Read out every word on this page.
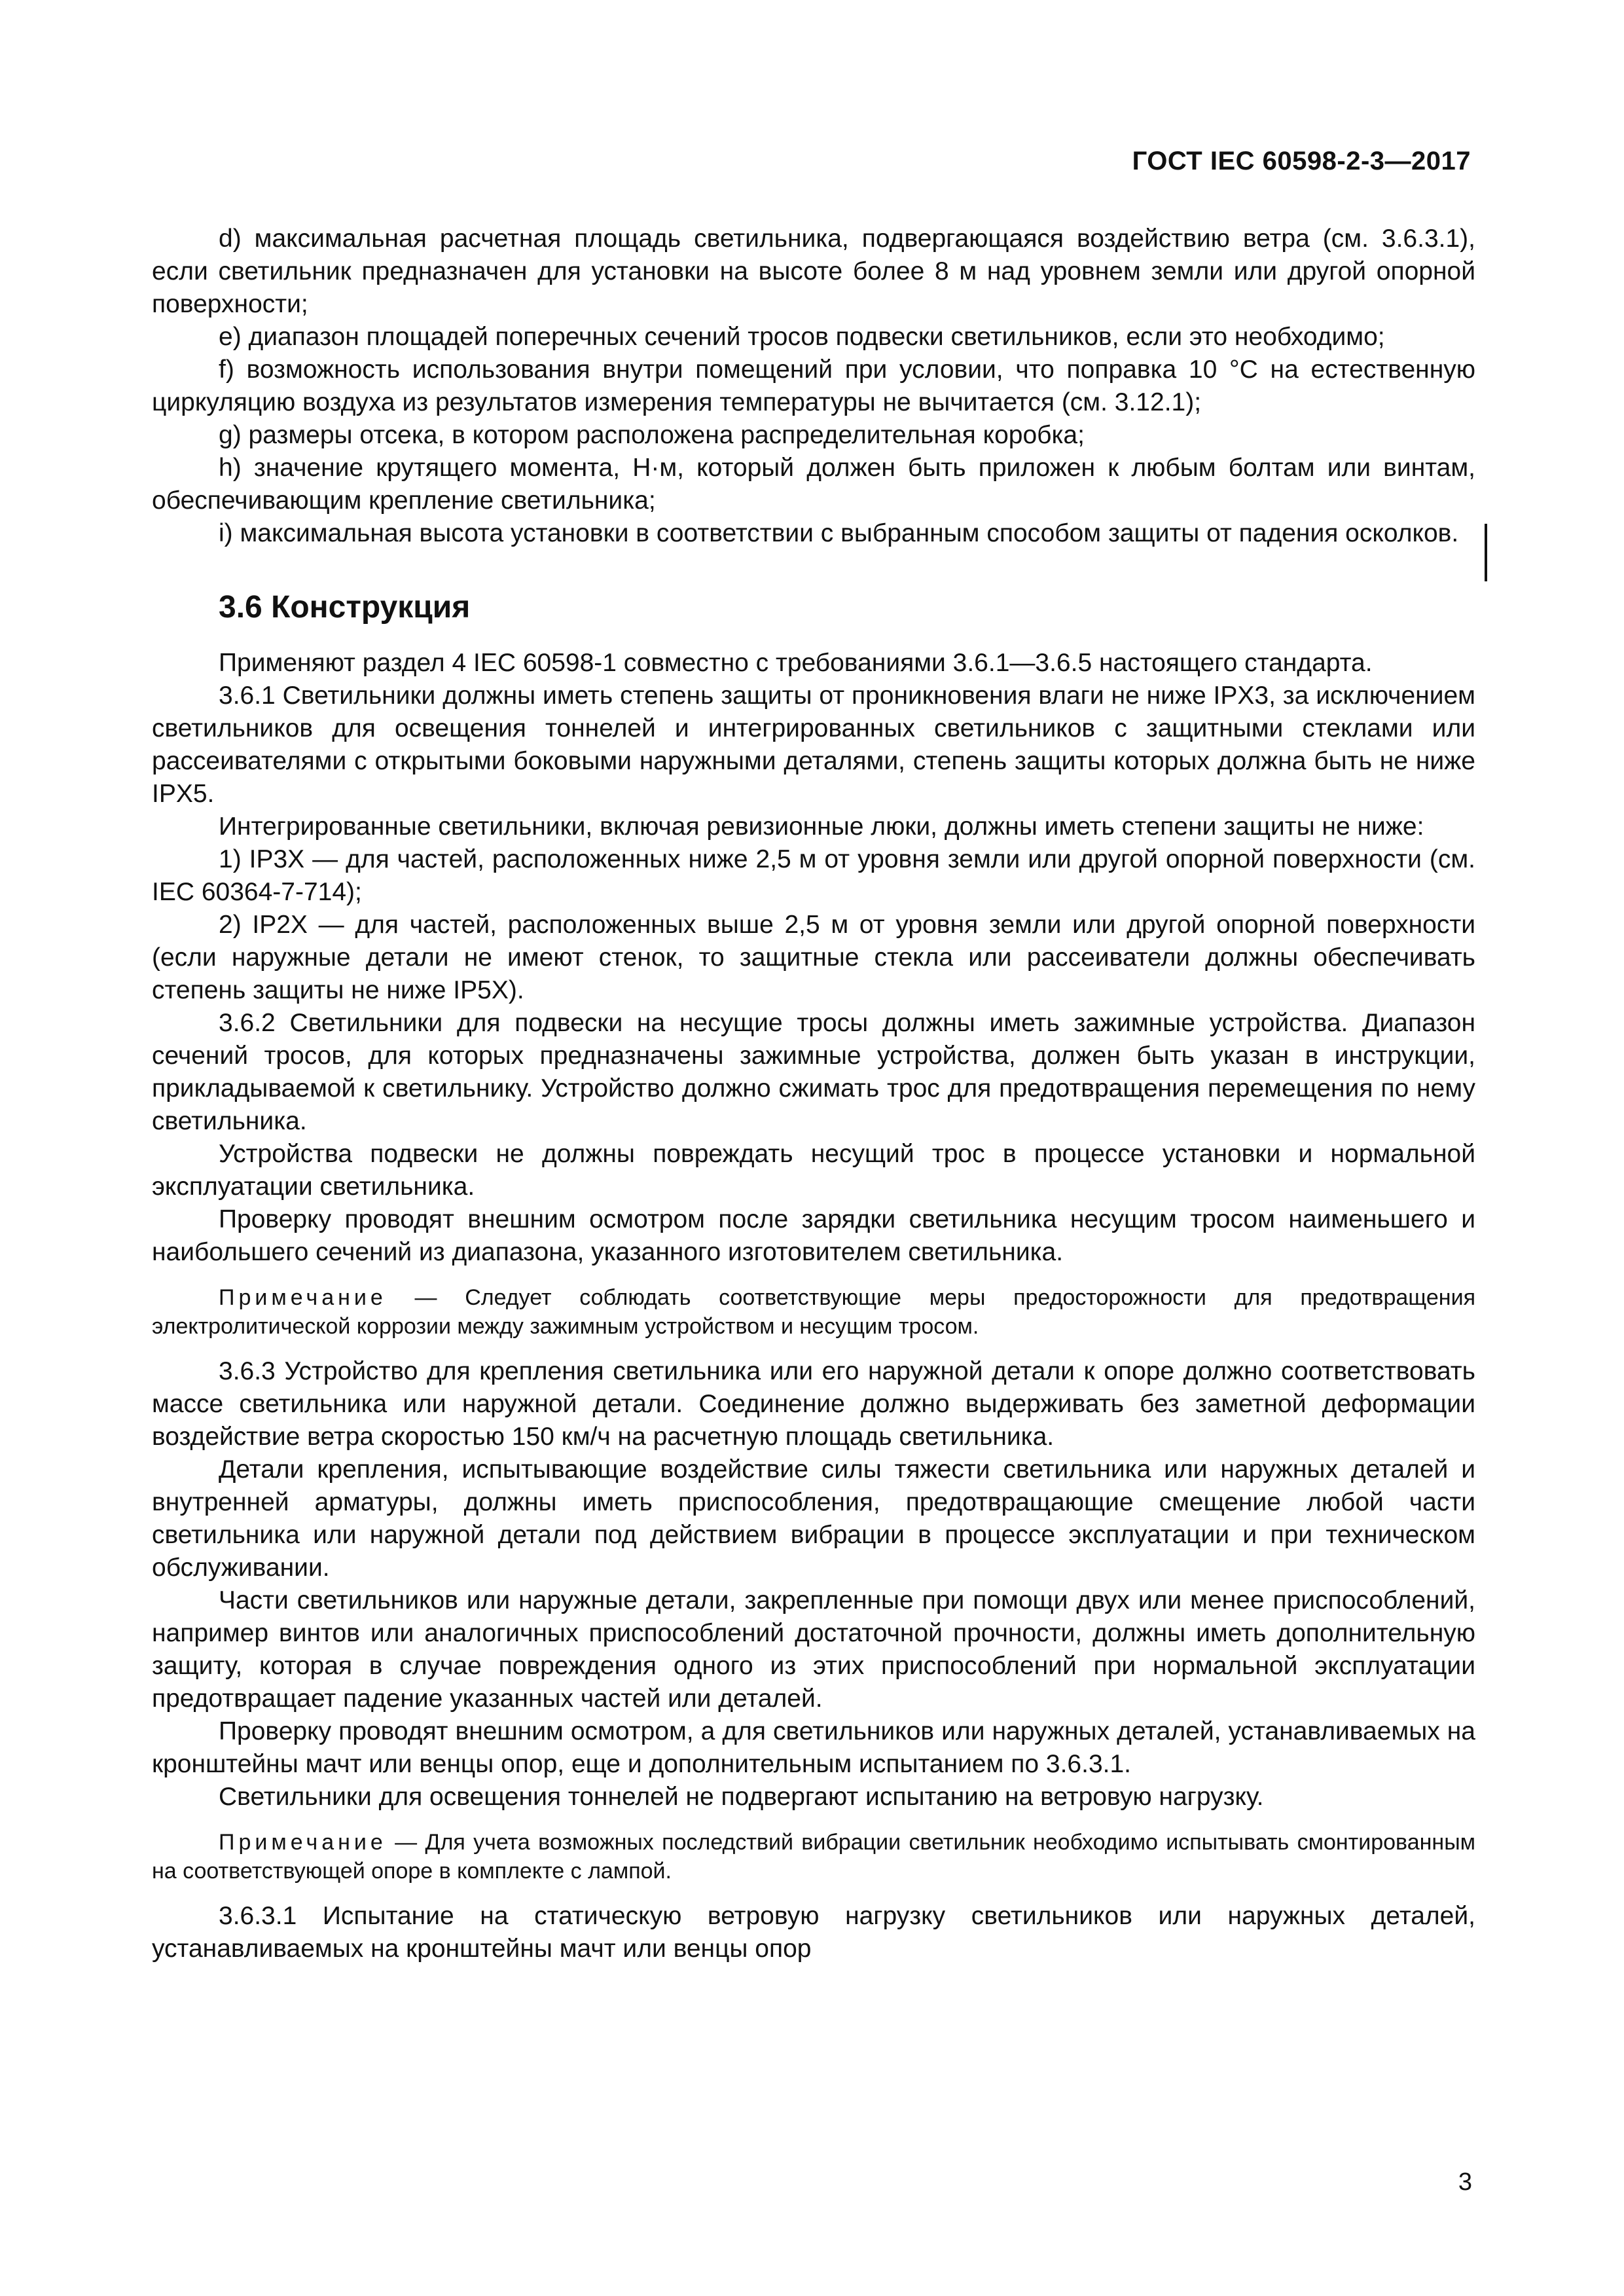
ГОСТ IEC 60598-2-3—2017

d) максимальная расчетная площадь светильника, подвергающаяся воздействию ветра (см. 3.6.3.1), если светильник предназначен для установки на высоте более 8 м над уровнем земли или другой опорной поверхности;

e) диапазон площадей поперечных сечений тросов подвески светильников, если это необходимо;

f) возможность использования внутри помещений при условии, что поправка 10 °С на естественную циркуляцию воздуха из результатов измерения температуры не вычитается (см. 3.12.1);

g) размеры отсека, в котором расположена распределительная коробка;

h) значение крутящего момента, Н·м, который должен быть приложен к любым болтам или винтам, обеспечивающим крепление светильника;

i) максимальная высота установки в соответствии с выбранным способом защиты от падения осколков.

3.6 Конструкция

Применяют раздел 4 IEC 60598-1 совместно с требованиями 3.6.1—3.6.5 настоящего стандарта.

3.6.1 Светильники должны иметь степень защиты от проникновения влаги не ниже IPX3, за исключением светильников для освещения тоннелей и интегрированных светильников с защитными стеклами или рассеивателями с открытыми боковыми наружными деталями, степень защиты которых должна быть не ниже IPX5.

Интегрированные светильники, включая ревизионные люки, должны иметь степени защиты не ниже:

1) IP3X — для частей, расположенных ниже 2,5 м от уровня земли или другой опорной поверхности (см. IEC 60364-7-714);

2) IP2X — для частей, расположенных выше 2,5 м от уровня земли или другой опорной поверхности (если наружные детали не имеют стенок, то защитные стекла или рассеиватели должны обеспечивать степень защиты не ниже IP5X).

3.6.2 Светильники для подвески на несущие тросы должны иметь зажимные устройства. Диапазон сечений тросов, для которых предназначены зажимные устройства, должен быть указан в инструкции, прикладываемой к светильнику. Устройство должно сжимать трос для предотвращения перемещения по нему светильника.

Устройства подвески не должны повреждать несущий трос в процессе установки и нормальной эксплуатации светильника.

Проверку проводят внешним осмотром после зарядки светильника несущим тросом наименьшего и наибольшего сечений из диапазона, указанного изготовителем светильника.

Примечание — Следует соблюдать соответствующие меры предосторожности для предотвращения электролитической коррозии между зажимным устройством и несущим тросом.

3.6.3 Устройство для крепления светильника или его наружной детали к опоре должно соответствовать массе светильника или наружной детали. Соединение должно выдерживать без заметной деформации воздействие ветра скоростью 150 км/ч на расчетную площадь светильника.

Детали крепления, испытывающие воздействие силы тяжести светильника или наружных деталей и внутренней арматуры, должны иметь приспособления, предотвращающие смещение любой части светильника или наружной детали под действием вибрации в процессе эксплуатации и при техническом обслуживании.

Части светильников или наружные детали, закрепленные при помощи двух или менее приспособлений, например винтов или аналогичных приспособлений достаточной прочности, должны иметь дополнительную защиту, которая в случае повреждения одного из этих приспособлений при нормальной эксплуатации предотвращает падение указанных частей или деталей.

Проверку проводят внешним осмотром, а для светильников или наружных деталей, устанавливаемых на кронштейны мачт или венцы опор, еще и дополнительным испытанием по 3.6.3.1.

Светильники для освещения тоннелей не подвергают испытанию на ветровую нагрузку.

Примечание — Для учета возможных последствий вибрации светильник необходимо испытывать смонтированным на соответствующей опоре в комплекте с лампой.

3.6.3.1 Испытание на статическую ветровую нагрузку светильников или наружных деталей, устанавливаемых на кронштейны мачт или венцы опор

3
